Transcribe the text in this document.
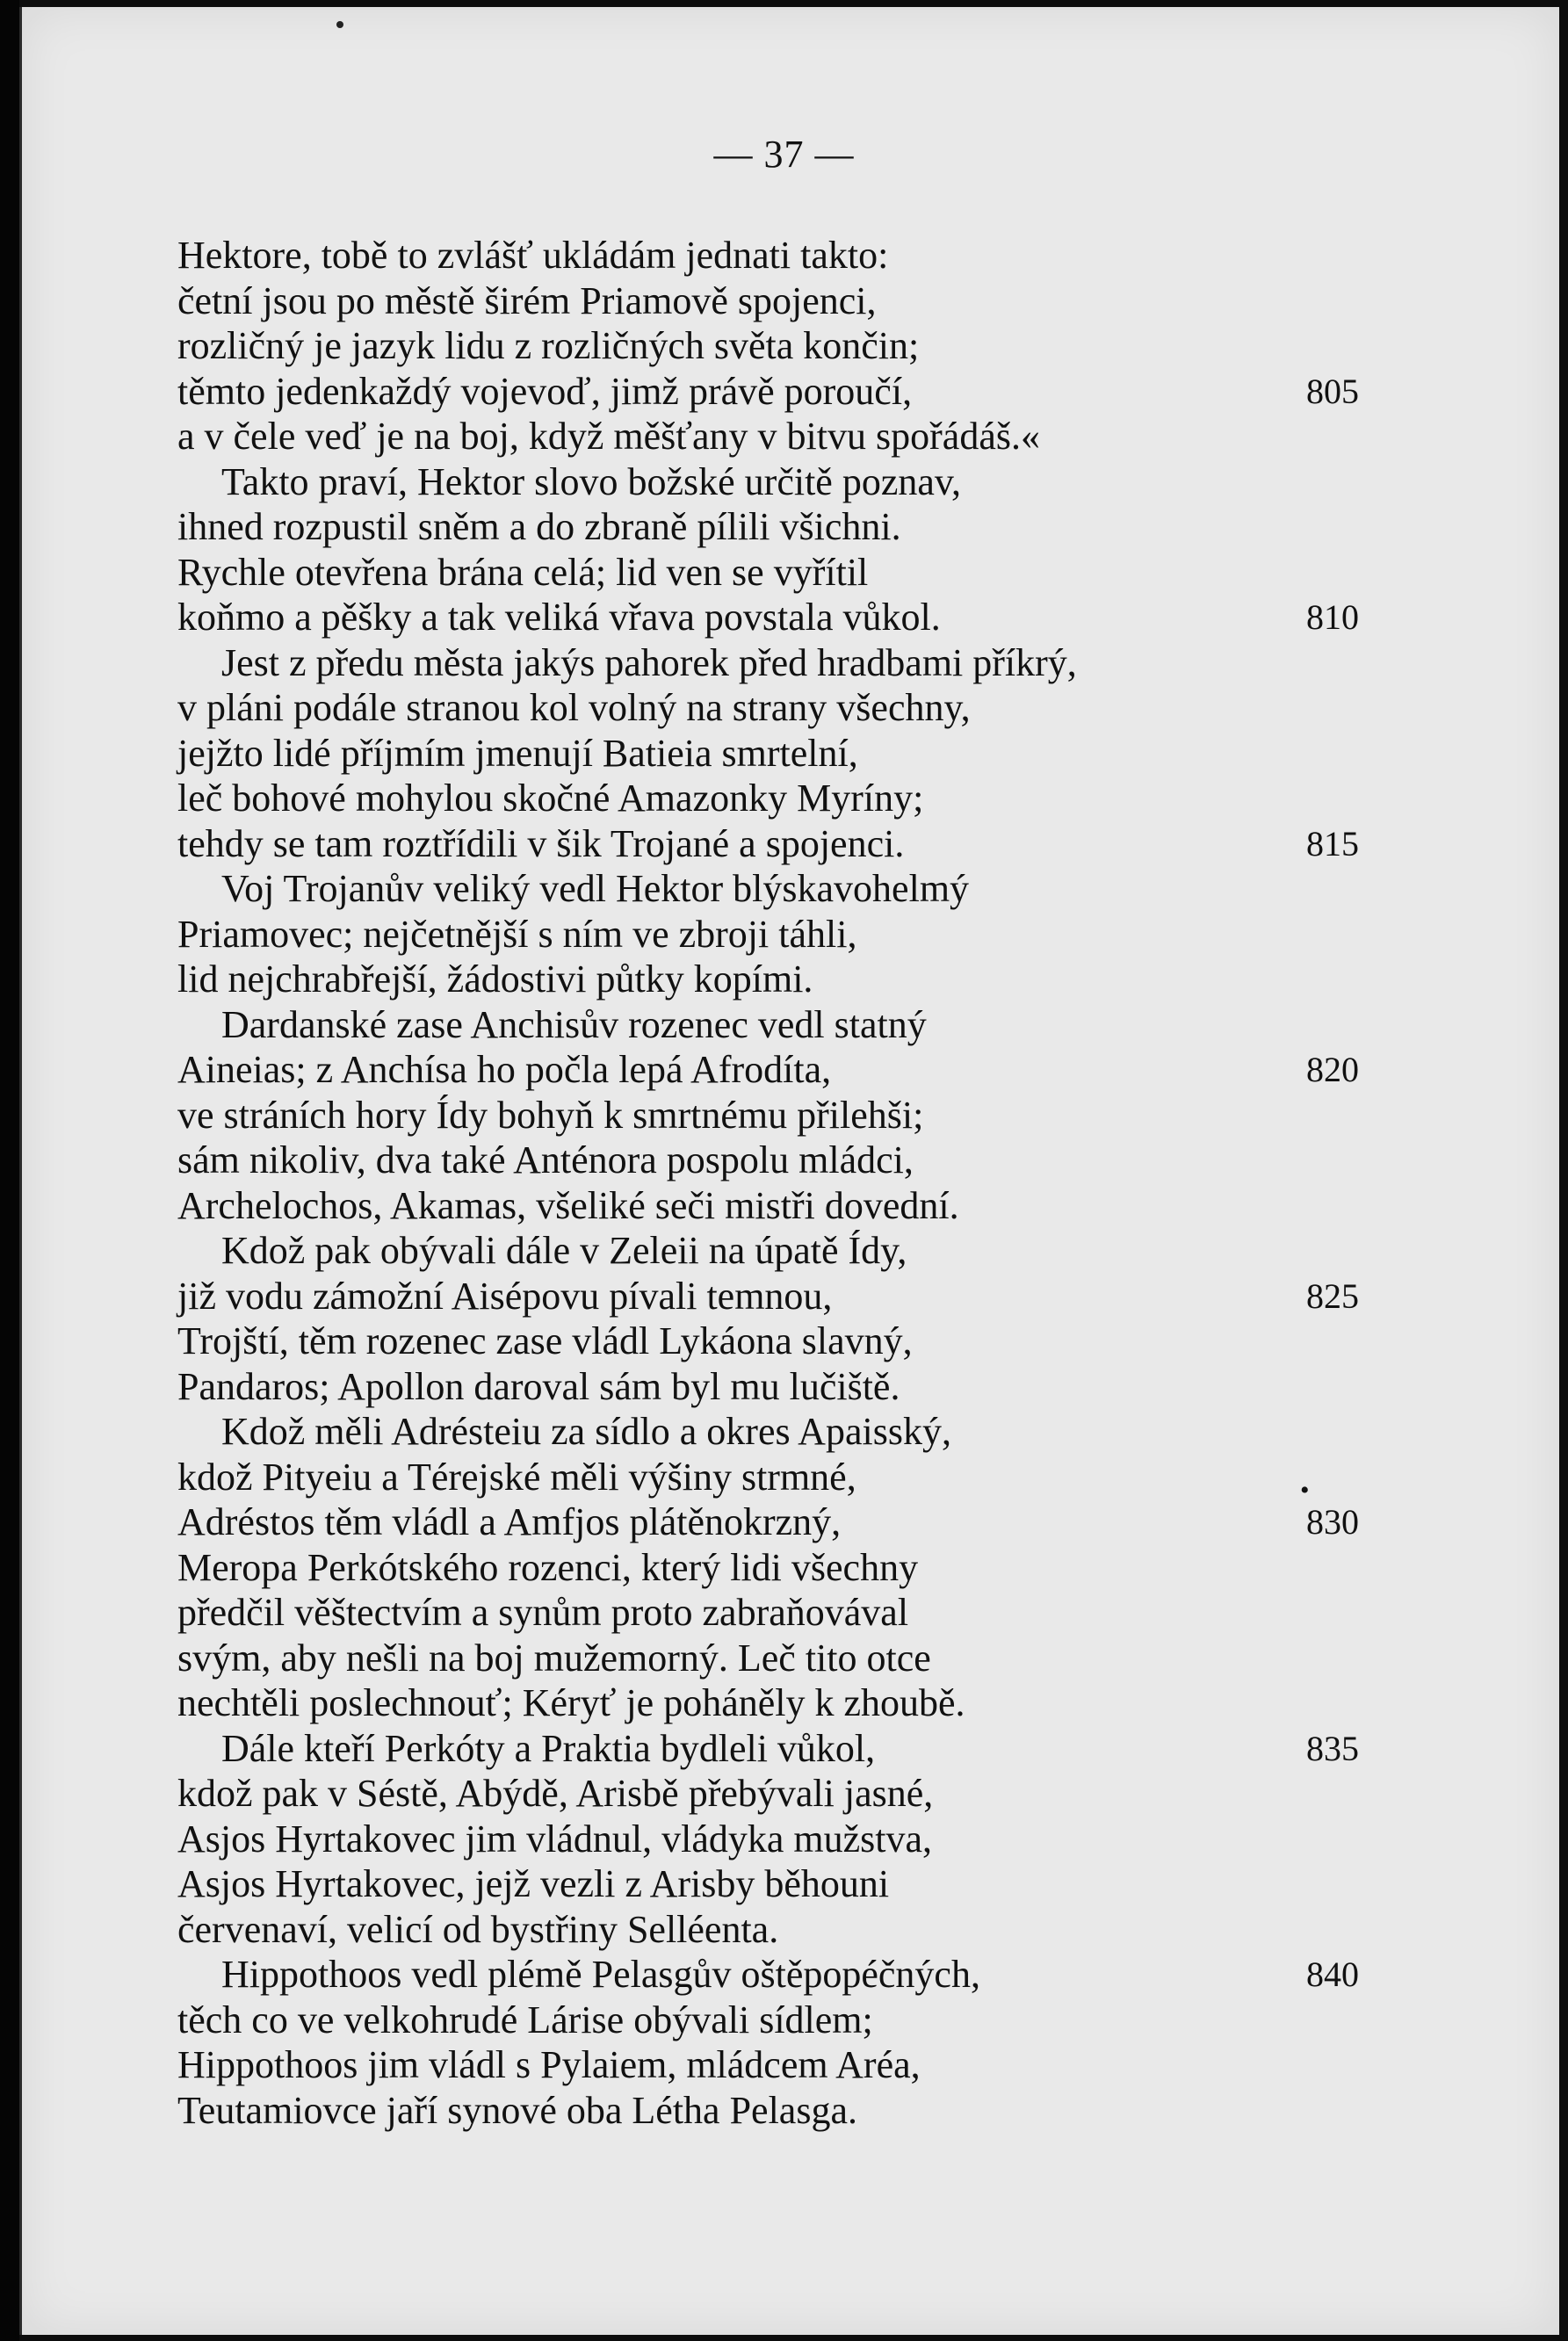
— 37 —
Hektore, tobě to zvlášť ukládám jednati takto:
četní jsou po městě širém Priamově spojenci,
rozličný je jazyk lidu z rozličných světa končin;
těmto jedenkaždý vojevoď, jimž právě poroučí,	805
a v čele veď je na boj, když měšťany v bitvu spořádáš.«
Takto praví, Hektor slovo božské určitě poznav,
ihned rozpustil sněm a do zbraně pílili všichni.
Rychle otevřena brána celá; lid ven se vyřítil
koňmo a pěšky a tak veliká vřava povstala vůkol.	810
Jest z předu města jakýs pahorek před hradbami příkrý,
v pláni podále stranou kol volný na strany všechny,
jejžto lidé příjmím jmenují Batieia smrtelní,
leč bohové mohylou skočné Amazonky Myríny;
tehdy se tam roztřídili v šik Trojané a spojenci.	815
Voj Trojanův veliký vedl Hektor blýskavohelmý
Priamovec; nejčetnější s ním ve zbroji táhli,
lid nejchrabřejší, žádostivi půtky kopími.
Dardanské zase Anchisův rozenec vedl statný
Aineias; z Anchísa ho počla lepá Afrodíta,	820
ve stráních hory Ídy bohyň k smrtnému přilehši;
sám nikoliv, dva také Anténora pospolu mládci,
Archelochos, Akamas, všeliké seči mistři dovední.
Kdož pak obývali dále v Zeleii na úpatě Ídy,
již vodu zámožní Aisépovu pívali temnou,	825
Trojští, těm rozenec zase vládl Lykáona slavný,
Pandaros; Apollon daroval sám byl mu lučiště.
Kdož měli Adrésteiu za sídlo a okres Apaisský,
kdož Pityeiu a Térejské měli výšiny strmné,
Adréstos těm vládl a Amfjos plátěnokrzný,	830
Meropa Perkótského rozenci, který lidi všechny
předčil věštectvím a synům proto zabraňovával
svým, aby nešli na boj mužemorný. Leč tito otce
nechtěli poslechnouť; Kéryť je poháněly k zhoubě.
Dále kteří Perkóty a Praktia bydleli vůkol,	835
kdož pak v Séstě, Abýdě, Arisbě přebývali jasné,
Asjos Hyrtakovec jim vládnul, vládyka mužstva,
Asjos Hyrtakovec, jejž vezli z Arisby běhouni
červenaví, velicí od bystřiny Selléenta.
Hippothoos vedl plémě Pelasgův oštěpopéčných,	840
těch co ve velkohrudé Lárise obývali sídlem;
Hippothoos jim vládl s Pylaiem, mládcem Aréa,
Teutamiovce jaří synové oba Létha Pelasga.
•
